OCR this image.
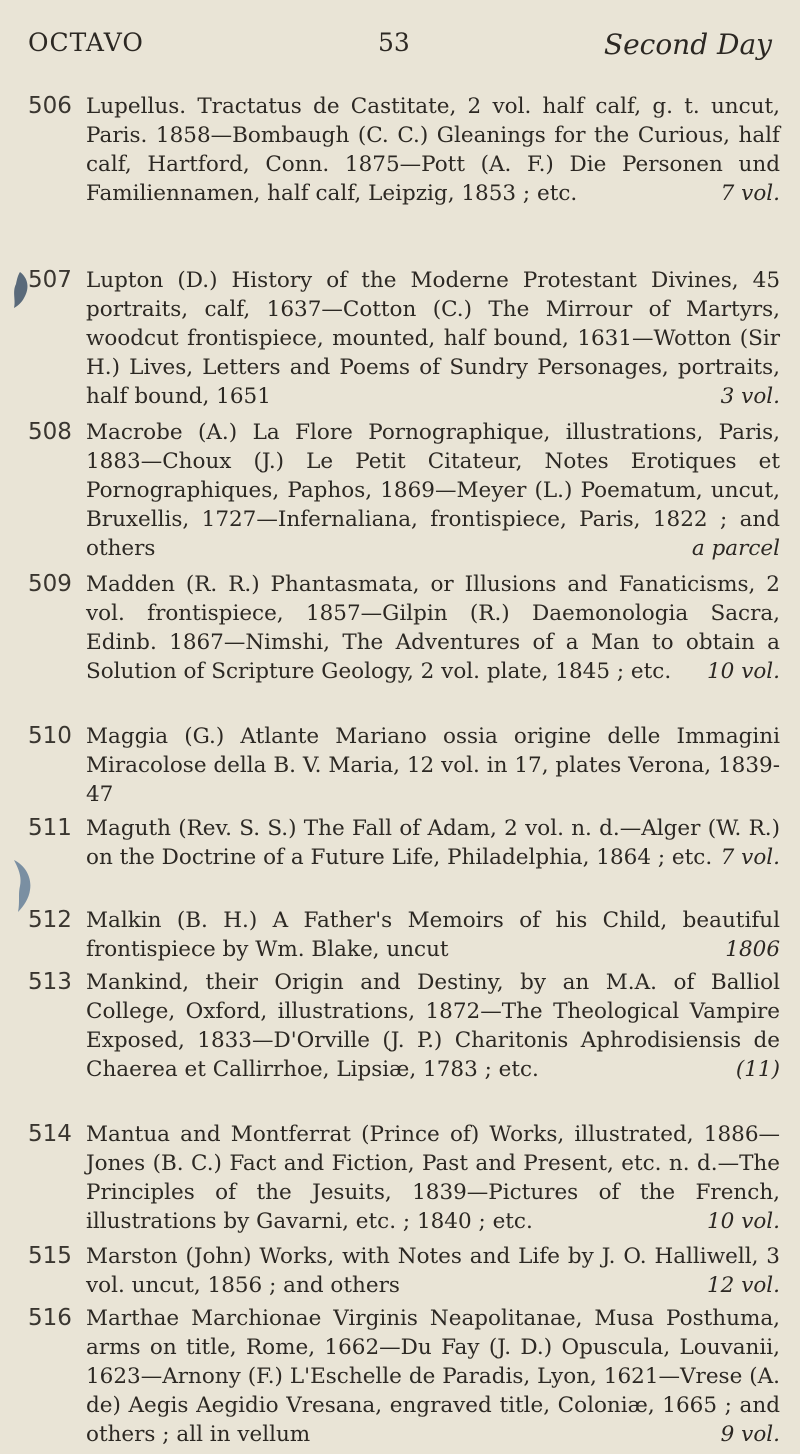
OCTAVO	53	Second Day
506 Lupellus. Tractatus de Castitate, 2 vol. half calf, g. t. uncut, Paris. 1858—Bombaugh (C. C.) Gleanings for the Curious, half calf, Hartford, Conn. 1875—Pott (A. F.) Die Personen und Familiennamen, half calf, Leipzig, 1853 ; etc.	7 vol.
507 Lupton (D.) History of the Moderne Protestant Divines, 45 portraits, calf, 1637—Cotton (C.) The Mirrour of Martyrs, woodcut frontispiece, mounted, half bound, 1631—Wotton (Sir H.) Lives, Letters and Poems of Sundry Personages, portraits, half bound, 1651	3 vol.
508 Macrobe (A.) La Flore Pornographique, illustrations, Paris, 1883—Choux (J.) Le Petit Citateur, Notes Erotiques et Pornographiques, Paphos, 1869—Meyer (L.) Poematum, uncut, Bruxellis, 1727—Infernaliana, frontispiece, Paris, 1822 ; and others	a parcel
509 Madden (R. R.) Phantasmata, or Illusions and Fanaticisms, 2 vol. frontispiece, 1857—Gilpin (R.) Daemonologia Sacra, Edinb. 1867—Nimshi, The Adventures of a Man to obtain a Solution of Scripture Geology, 2 vol. plate, 1845 ; etc. 10 vol.
510 Maggia (G.) Atlante Mariano ossia origine delle Immagini Miracolose della B. V. Maria, 12 vol. in 17, plates Verona, 1839-47
511 Maguth (Rev. S. S.) The Fall of Adam, 2 vol. n. d.—Alger (W. R.) on the Doctrine of a Future Life, Philadelphia, 1864 ; etc. 7 vol.
512 Malkin (B. H.) A Father's Memoirs of his Child, beautiful frontispiece by Wm. Blake, uncut	1806
513 Mankind, their Origin and Destiny, by an M.A. of Balliol College, Oxford, illustrations, 1872—The Theological Vampire Exposed, 1833—D'Orville (J. P.) Charitonis Aphrodisiensis de Chaerea et Callirrhoe, Lipsiæ, 1783 ; etc.	(11)
514 Mantua and Montferrat (Prince of) Works, illustrated, 1886—Jones (B. C.) Fact and Fiction, Past and Present, etc. n. d.—The Principles of the Jesuits, 1839—Pictures of the French, illustrations by Gavarni, etc. ; 1840 ; etc.	10 vol.
515 Marston (John) Works, with Notes and Life by J. O. Halliwell, 3 vol. uncut, 1856 ; and others	12 vol.
516 Marthae Marchionae Virginis Neapolitanae, Musa Posthuma, arms on title, Rome, 1662—Du Fay (J. D.) Opuscula, Louvanii, 1623—Arnony (F.) L'Eschelle de Paradis, Lyon, 1621—Vrese (A. de) Aegis Aegidio Vresana, engraved title, Coloniæ, 1665 ; and others ; all in vellum	9 vol.
